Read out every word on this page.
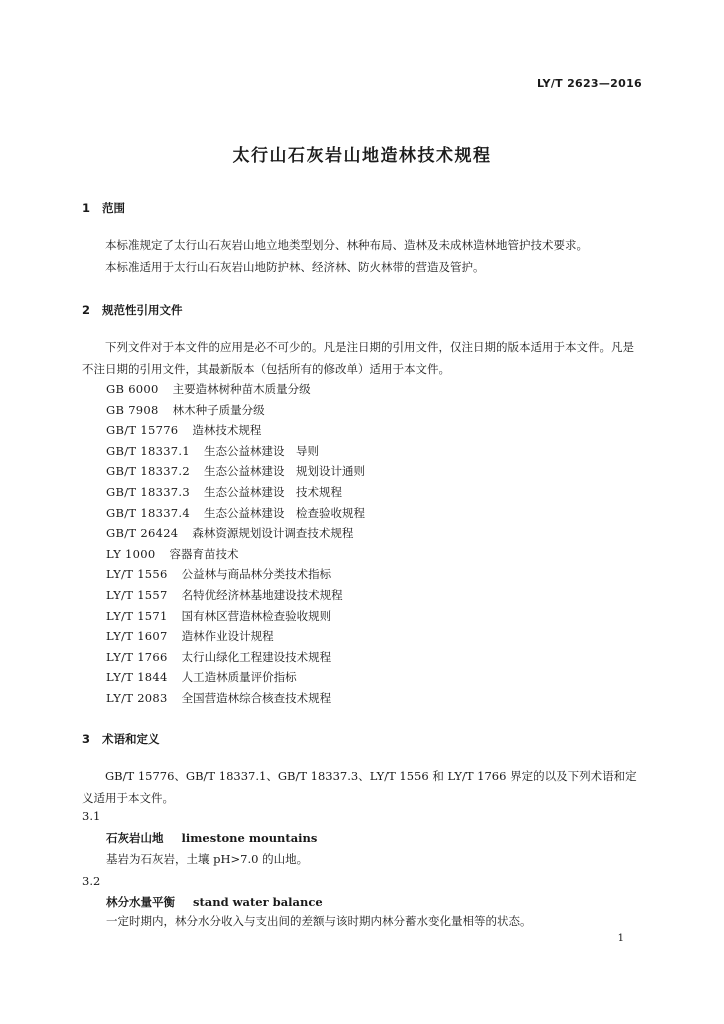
LY/T 2623—2016
太行山石灰岩山地造林技术规程
1 范围
本标准规定了太行山石灰岩山地立地类型划分、林种布局、造林及未成林造林地管护技术要求。
本标准适用于太行山石灰岩山地防护林、经济林、防火林带的营造及管护。
2 规范性引用文件
下列文件对于本文件的应用是必不可少的。凡是注日期的引用文件，仅注日期的版本适用于本文件。凡是不注日期的引用文件，其最新版本（包括所有的修改单）适用于本文件。
GB 6000 主要造林树种苗木质量分级
GB 7908 林木种子质量分级
GB/T 15776 造林技术规程
GB/T 18337.1 生态公益林建设　导则
GB/T 18337.2 生态公益林建设　规划设计通则
GB/T 18337.3 生态公益林建设　技术规程
GB/T 18337.4 生态公益林建设　检查验收规程
GB/T 26424 森林资源规划设计调查技术规程
LY 1000 容器育苗技术
LY/T 1556 公益林与商品林分类技术指标
LY/T 1557 名特优经济林基地建设技术规程
LY/T 1571 国有林区营造林检查验收规则
LY/T 1607 造林作业设计规程
LY/T 1766 太行山绿化工程建设技术规程
LY/T 1844 人工造林质量评价指标
LY/T 2083 全国营造林综合核查技术规程
3 术语和定义
GB/T 15776、GB/T 18337.1、GB/T 18337.3、LY/T 1556 和 LY/T 1766 界定的以及下列术语和定义适用于本文件。
3.1
石灰岩山地 limestone mountains
基岩为石灰岩，土壤 pH>7.0 的山地。
3.2
林分水量平衡 stand water balance
一定时期内，林分水分收入与支出间的差额与该时期内林分蓄水变化量相等的状态。
1
